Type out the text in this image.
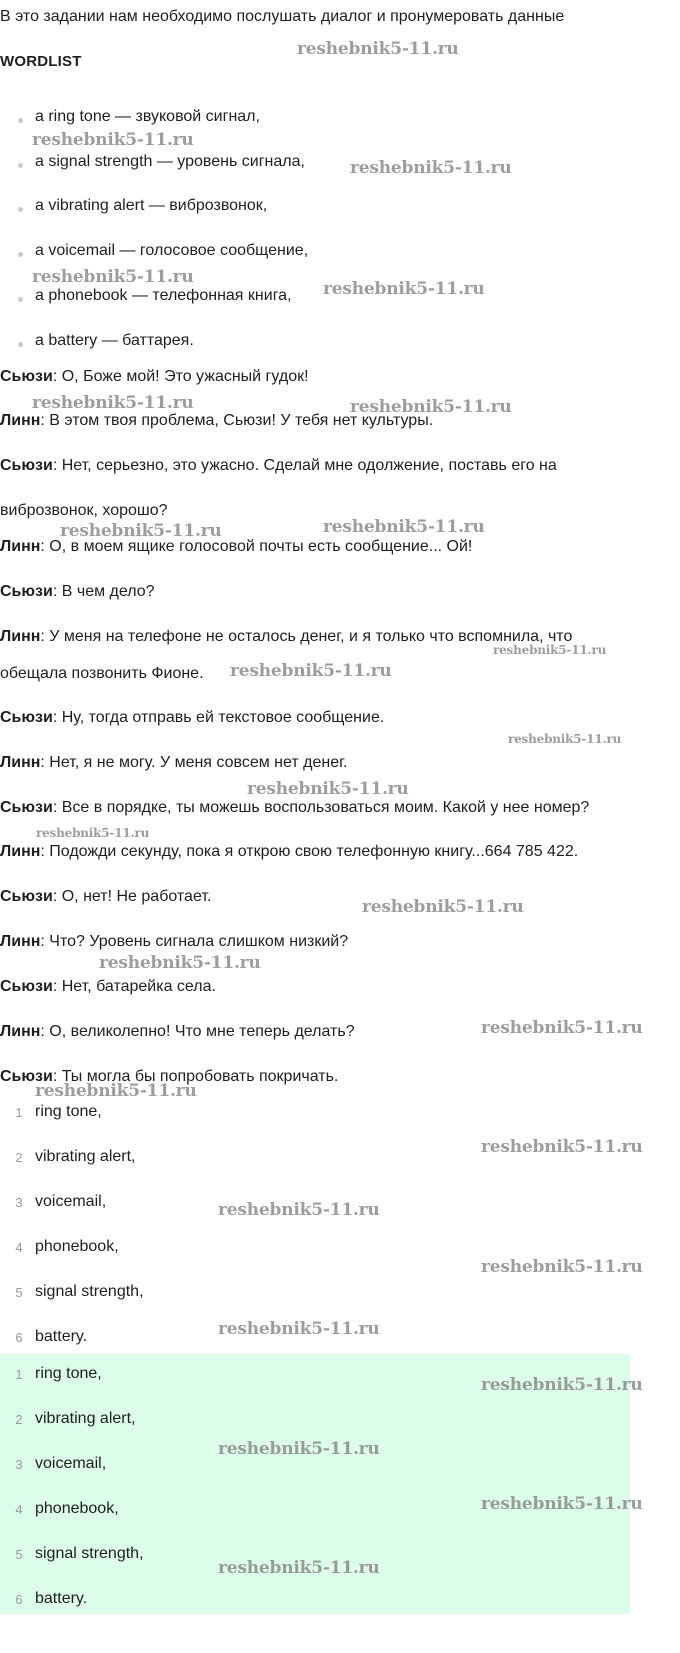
В это задании нам необходимо послушать диалог и пронумеровать данные
WORDLIST
a ring tone — звуковой сигнал,
a signal strength — уровень сигнала,
a vibrating alert — виброзвонок,
a voicemail — голосовое сообщение,
a phonebook — телефонная книга,
a battery — баттарея.
Сьюзи: О, Боже мой! Это ужасный гудок!
Линн: В этом твоя проблема, Сьюзи! У тебя нет культуры.
Сьюзи: Нет, серьезно, это ужасно. Сделай мне одолжение, поставь его на
виброзвонок, хорошо?
Линн: О, в моем ящике голосовой почты есть сообщение... Ой!
Сьюзи: В чем дело?
Линн: У меня на телефоне не осталось денег, и я только что вспомнила, что
обещала позвонить Фионе.
Сьюзи: Ну, тогда отправь ей текстовое сообщение.
Линн: Нет, я не могу. У меня совсем нет денег.
Сьюзи: Все в порядке, ты можешь воспользоваться моим. Какой у нее номер?
Линн: Подожди секунду, пока я открою свою телефонную книгу...664 785 422.
Сьюзи: О, нет! Не работает.
Линн: Что? Уровень сигнала слишком низкий?
Сьюзи: Нет, батарейка села.
Линн: О, великолепно! Что мне теперь делать?
Сьюзи: Ты могла бы попробовать покричать.
1 ring tone,
2 vibrating alert,
3 voicemail,
4 phonebook,
5 signal strength,
6 battery.
1 ring tone,
2 vibrating alert,
3 voicemail,
4 phonebook,
5 signal strength,
6 battery.
reshebnik5-11.ru
reshebnik5-11.ru
reshebnik5-11.ru
reshebnik5-11.ru
reshebnik5-11.ru
reshebnik5-11.ru	reshebnik5-11.ru
reshebnik5-11.ru	reshebnik5-11.ru
reshebnik5-11.ru
reshebnik5-11.ru
reshebnik5-11.ru
reshebnik5-11.ru
reshebnik5-11.ru
reshebnik5-11.ru
reshebnik5-11.ru
reshebnik5-11.ru
reshebnik5-11.ru
reshebnik5-11.ru
reshebnik5-11.ru
reshebnik5-11.ru
reshebnik5-11.ru
reshebnik5-11.ru
reshebnik5-11.ru
reshebnik5-11.ru
reshebnik5-11.ru
